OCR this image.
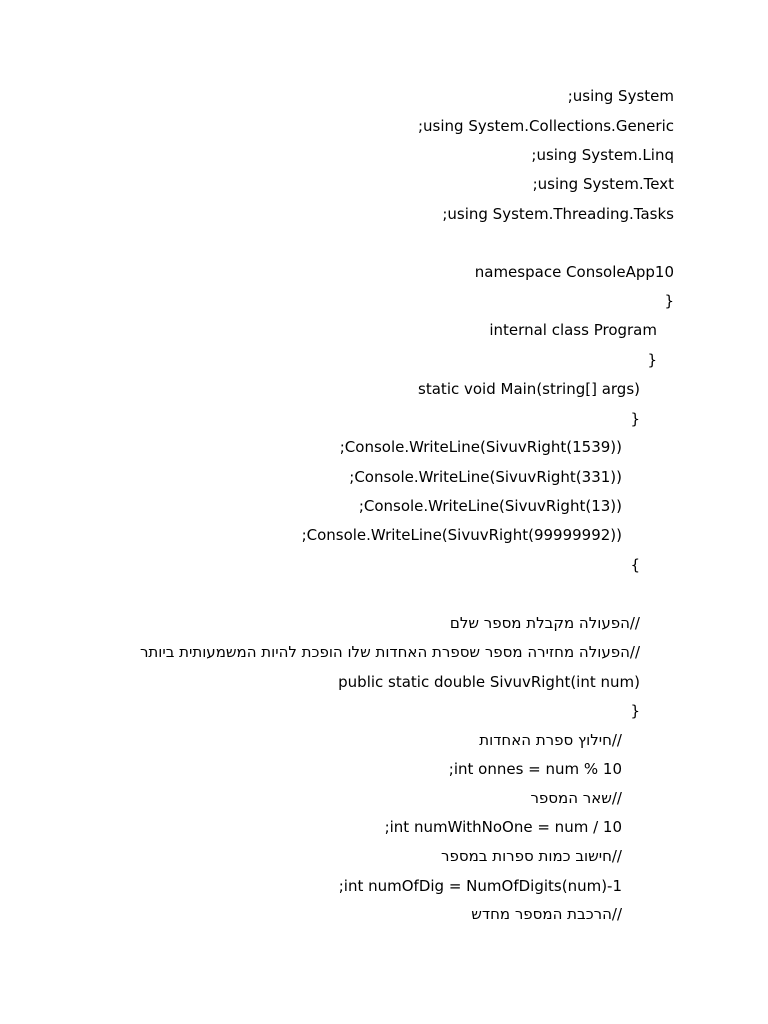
;using System
;using System.Collections.Generic
;using System.Linq
;using System.Text
;using System.Threading.Tasks
namespace ConsoleApp10
}
internal class Program
}
static void Main(string[] args)
}
;Console.WriteLine(SivuvRight(1539))
;Console.WriteLine(SivuvRight(331))
;Console.WriteLine(SivuvRight(13))
;Console.WriteLine(SivuvRight(99999992))
{
//הפעולה מקבלת מספר שלם
//הפעולה מחזירה מספר שספרת האחדות שלו הופכת להיות המשמעותית ביותר
public static double SivuvRight(int num)
}
//חילוץ ספרת האחדות
;int onnes = num % 10
//שאר המספר
;int numWithNoOne = num / 10
//חישוב כמות ספרות במספר
;int numOfDig = NumOfDigits(num)-1
//הרכבת המספר מחדש
